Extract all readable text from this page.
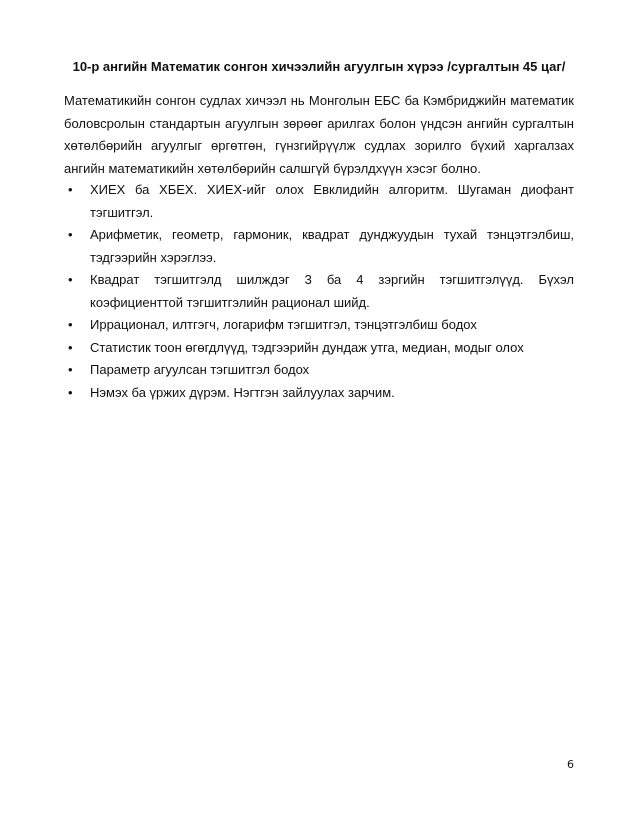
10-р ангийн Математик сонгон хичээлийн агуулгын хүрээ /сургалтын 45 цаг/

Математикийн сонгон судлах хичээл нь Монголын ЕБС ба Кэмбриджийн математик боловсролын стандартын агуулгын зөрөөг арилгах болон үндсэн ангийн сургалтын хөтөлбөрийн агуулгыг өргөтгөн, гүнзгийрүүлж судлах зорилго бүхий харгалзах ангийн математикийн хөтөлбөрийн салшгүй бүрэлдхүүн хэсэг болно.

• ХИЕХ ба ХБЕХ. ХИЕХ-ийг олох Евклидийн алгоритм. Шугаман диофант тэгшитгэл.
• Арифметик, геометр, гармоник, квадрат дунджуудын тухай тэнцэтгэлбиш, тэдгээрийн хэрэглээ.
• Квадрат тэгшитгэлд шилждэг 3 ба 4 зэргийн тэгшитгэлүүд. Бүхэл коэфициенттой тэгшитгэлийн рационал шийд.
• Иррационал, илтгэгч, логарифм тэгшитгэл, тэнцэтгэлбиш бодох
• Статистик тоон өгөгдлүүд, тэдгээрийн дундаж утга, медиан, модыг олох
• Параметр агуулсан тэгшитгэл бодох
• Нэмэх ба үржих дүрэм. Нэгтгэн зайлуулах зарчим.
6
